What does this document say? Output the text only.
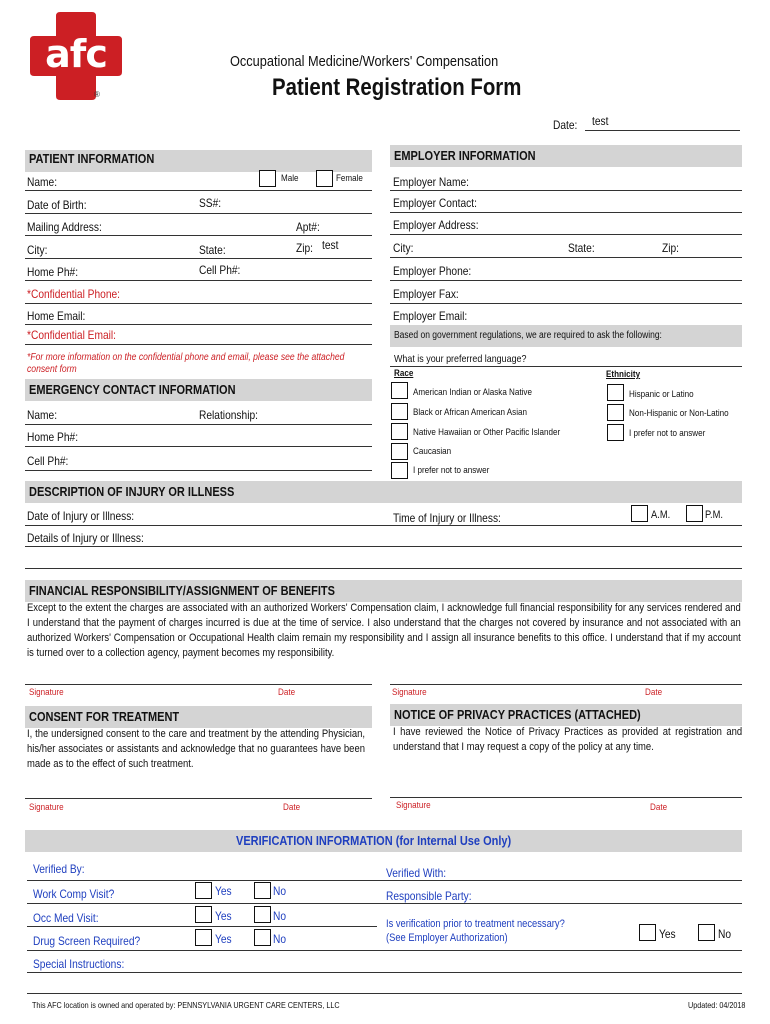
afc
®
Occupational Medicine/Workers' Compensation
Patient Registration Form
Date: test
PATIENT INFORMATION	EMPLOYER INFORMATION
Name:	Male	Female
Date of Birth:	SS#:
Mailing Address:	Apt#:
City:	State:	Zip: test
Home Ph#:	Cell Ph#:
*Confidential Phone:
Home Email:
*Confidential Email:
*For more information on the confidential phone and email, please see the attached consent form
EMERGENCY CONTACT INFORMATION
Name:	Relationship:
Home Ph#:
Cell Ph#:
Employer Name:
Employer Contact:
Employer Address:
City:	State:	Zip:
Employer Phone:
Employer Fax:
Employer Email:
Based on government regulations, we are required to ask the following:
What is your preferred language?
Race	Ethnicity
American Indian or Alaska Native
Black or African American Asian
Native Hawaiian or Other Pacific Islander
Caucasian
I prefer not to answer
Hispanic or Latino
Non-Hispanic or Non-Latino
I prefer not to answer
DESCRIPTION OF INJURY OR ILLNESS
Date of Injury or Illness:	Time of Injury or Illness:	A.M.	P.M.
Details of Injury or Illness:
FINANCIAL RESPONSIBILITY/ASSIGNMENT OF BENEFITS
Except to the extent the charges are associated with an authorized Workers' Compensation claim, I acknowledge full financial responsibility for any services rendered and I understand that the payment of charges incurred is due at the time of service. I also understand that the charges not covered by insurance and not associated with an authorized Workers' Compensation or Occupational Health claim remain my responsibility and I assign all insurance benefits to this office. I understand that if my account is turned over to a collection agency, payment becomes my responsibility.
Signature	Date	Signature	Date
CONSENT FOR TREATMENT
I, the undersigned consent to the care and treatment by the attending Physician, his/her associates or assistants and acknowledge that no guarantees have been made as to the effect of such treatment.
Signature	Date
NOTICE OF PRIVACY PRACTICES (ATTACHED)
I have reviewed the Notice of Privacy Practices as provided at registration and understand that I may request a copy of the policy at any time.
Signature	Date
VERIFICATION INFORMATION (for Internal Use Only)
Verified By:	Verified With:
Work Comp Visit?	Yes	No	Responsible Party:
Occ Med Visit:	Yes	No
Is verification prior to treatment necessary?
(See Employer Authorization)	Yes	No
Drug Screen Required?	Yes	No
Special Instructions:
This AFC location is owned and operated by: PENNSYLVANIA URGENT CARE CENTERS, LLC	Updated: 04/2018
